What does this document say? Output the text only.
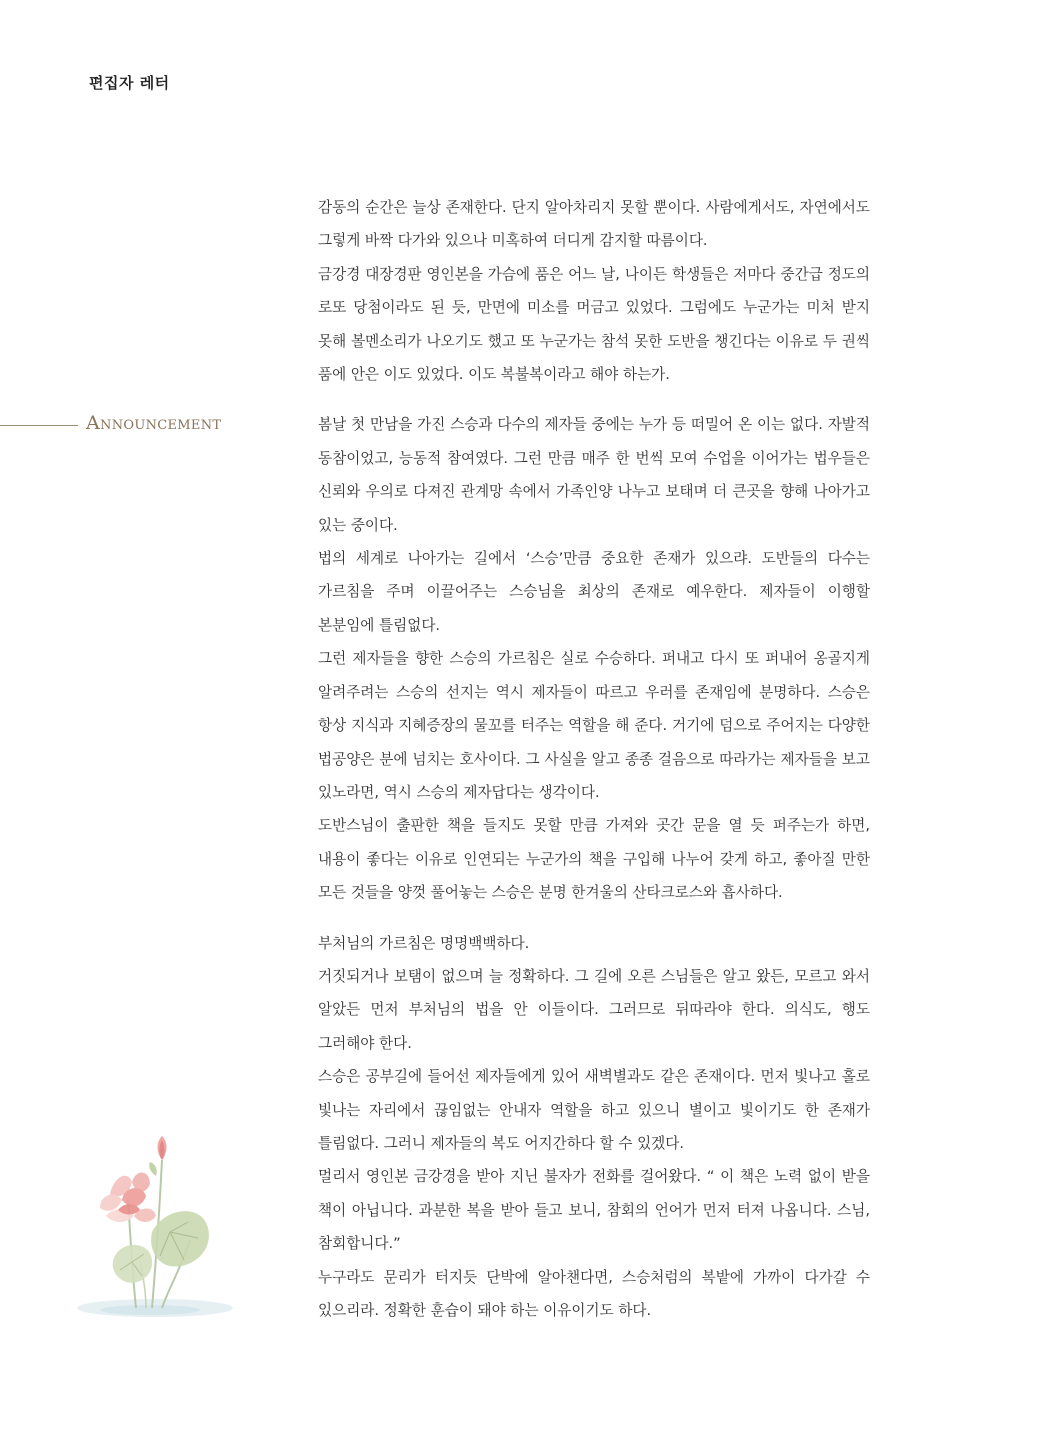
편집자 레터
Announcement

감동의 순간은 늘상 존재한다. 단지 알아차리지 못할 뿐이다. 사람에게서도, 자연에서도 그렇게 바짝 다가와 있으나 미혹하여 더디게 감지할 따름이다.

금강경 대장경판 영인본을 가슴에 품은 어느 날, 나이든 학생들은 저마다 중간급 정도의 로또 당첨이라도 된 듯, 만면에 미소를 머금고 있었다. 그럼에도 누군가는 미처 받지 못해 볼멘소리가 나오기도 했고 또 누군가는 참석 못한 도반을 챙긴다는 이유로 두 권씩 품에 안은 이도 있었다. 이도 복불복이라고 해야 하는가.

봄날 첫 만남을 가진 스승과 다수의 제자들 중에는 누가 등 떠밀어 온 이는 없다. 자발적 동참이었고, 능동적 참여였다. 그런 만큼 매주 한 번씩 모여 수업을 이어가는 법우들은 신뢰와 우의로 다져진 관계망 속에서 가족인양 나누고 보태며 더 큰곳을 향해 나아가고 있는 중이다.

법의 세계로 나아가는 길에서 ‘스승’만큼 중요한 존재가 있으랴. 도반들의 다수는 가르침을 주며 이끌어주는 스승님을 최상의 존재로 예우한다. 제자들이 이행할 본분임에 틀림없다.

그런 제자들을 향한 스승의 가르침은 실로 수승하다. 퍼내고 다시 또 퍼내어 옹골지게 알려주려는 스승의 선지는 역시 제자들이 따르고 우러를 존재임에 분명하다. 스승은 항상 지식과 지혜증장의 물꼬를 터주는 역할을 해 준다. 거기에 덤으로 주어지는 다양한 법공양은 분에 넘치는 호사이다. 그 사실을 알고 종종 걸음으로 따라가는 제자들을 보고 있노라면, 역시 스승의 제자답다는 생각이다.

도반스님이 출판한 책을 들지도 못할 만큼 가져와 곳간 문을 열 듯 퍼주는가 하면, 내용이 좋다는 이유로 인연되는 누군가의 책을 구입해 나누어 갖게 하고, 좋아질 만한 모든 것들을 양껏 풀어놓는 스승은 분명 한겨울의 산타크로스와 흡사하다.

부처님의 가르침은 명명백백하다.

거짓되거나 보탬이 없으며 늘 정확하다. 그 길에 오른 스님들은 알고 왔든, 모르고 와서 알았든 먼저 부처님의 법을 안 이들이다. 그러므로 뒤따라야 한다. 의식도, 행도 그러해야 한다.

스승은 공부길에 들어선 제자들에게 있어 새벽별과도 같은 존재이다. 먼저 빛나고 홀로 빛나는 자리에서 끊임없는 안내자 역할을 하고 있으니 별이고 빛이기도 한 존재가 틀림없다. 그러니 제자들의 복도 어지간하다 할 수 있겠다.

멀리서 영인본 금강경을 받아 지닌 불자가 전화를 걸어왔다. “ 이 책은 노력 없이 받을 책이 아닙니다. 과분한 복을 받아 들고 보니, 참회의 언어가 먼저 터져 나옵니다. 스님, 참회합니다.”

누구라도 문리가 터지듯 단박에 알아챈다면, 스승처럼의 복밭에 가까이 다가갈 수 있으리라. 정확한 훈습이 돼야 하는 이유이기도 하다.
